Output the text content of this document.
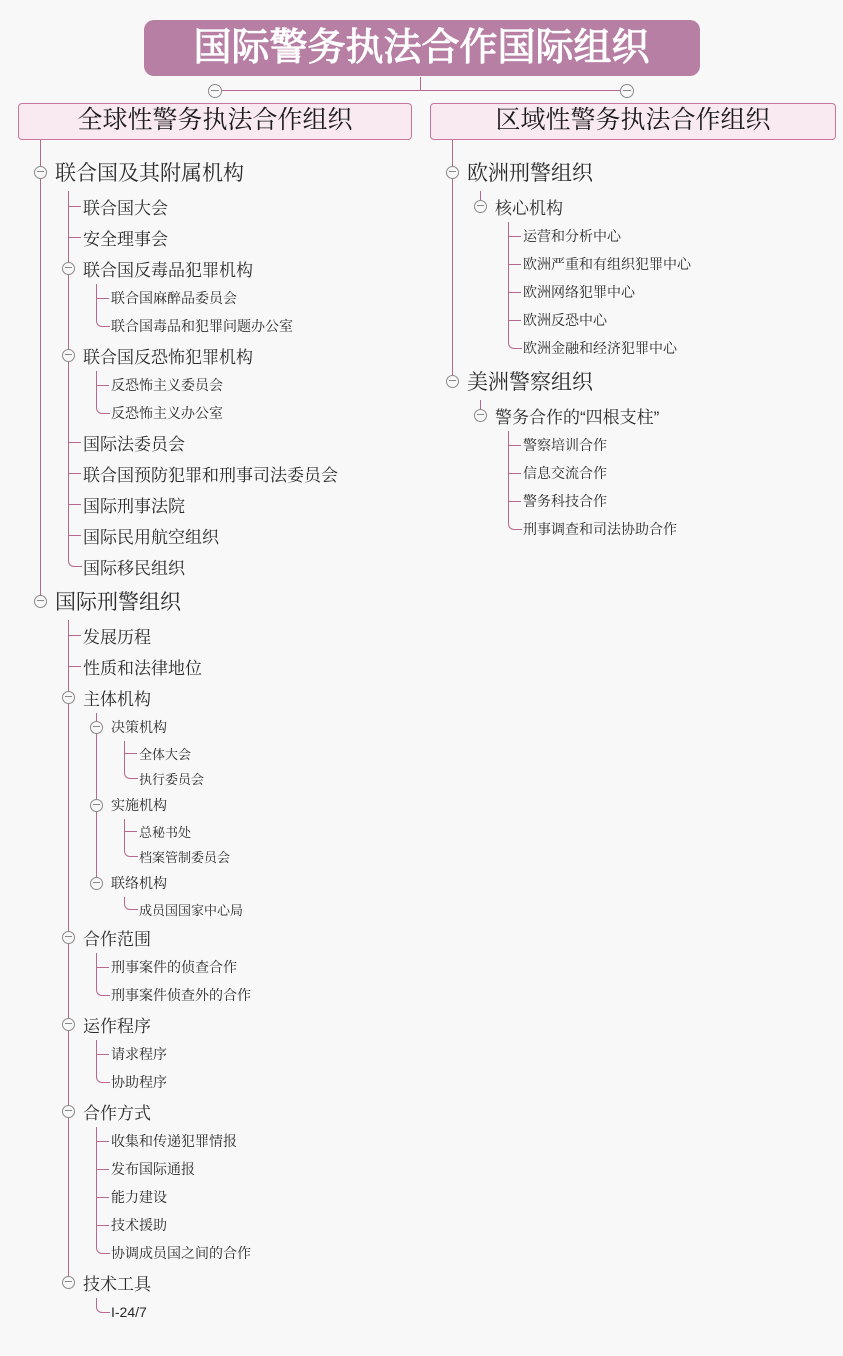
国际警务执法合作国际组织
全球性警务执法合作组织
联合国及其附属机构
联合国大会
安全理事会
联合国反毒品犯罪机构
联合国麻醉品委员会
联合国毒品和犯罪问题办公室
联合国反恐怖犯罪机构
反恐怖主义委员会
反恐怖主义办公室
国际法委员会
联合国预防犯罪和刑事司法委员会
国际刑事法院
国际民用航空组织
国际移民组织
国际刑警组织
发展历程
性质和法律地位
主体机构
决策机构
全体大会
执行委员会
实施机构
总秘书处
档案管制委员会
联络机构
成员国国家中心局
合作范围
刑事案件的侦查合作
刑事案件侦查外的合作
运作程序
请求程序
协助程序
合作方式
收集和传递犯罪情报
发布国际通报
能力建设
技术援助
协调成员国之间的合作
技术工具
I-24/7
区域性警务执法合作组织
欧洲刑警组织
核心机构
运营和分析中心
欧洲严重和有组织犯罪中心
欧洲网络犯罪中心
欧洲反恐中心
欧洲金融和经济犯罪中心
美洲警察组织
警务合作的“四根支柱”
警察培训合作
信息交流合作
警务科技合作
刑事调查和司法协助合作
